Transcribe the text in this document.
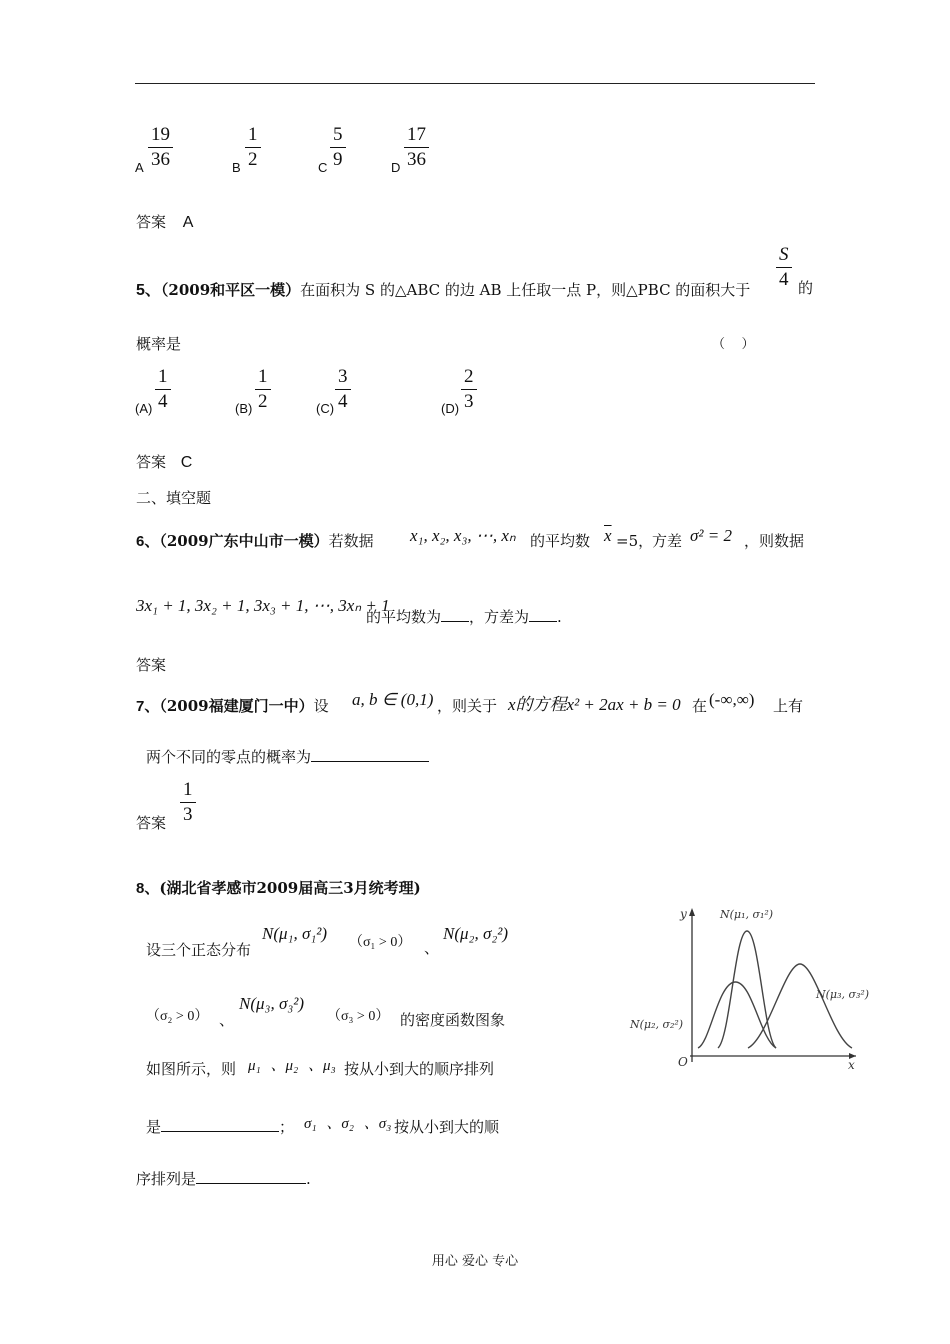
A
19
36	B
1
2	C
5
9	D
17
36
答案 A
5、（2009和平区一模）在面积为 S 的△ABC 的边 AB 上任取一点 P，则△PBC 的面积大于
S
4 的
概率是	（    ）
(A)
1
4	(B)
1
2	(C)
3
4	(D)
2
3
答案 C
二、填空题
6、（2009广东中山市一模）若数据 x₁, x₂, x₃, ⋯, xₙ 的平均数 $\overline{x} =5$，
方差 σ² = 2 ，则数据
3x₁ + 1, 3x₂ + 1, 3x₃ + 1, ⋯, 3xₙ + 1
的平均数为 ，方差为 .
答案
7、（2009福建厦门一中）设 a, b ∈ (0,1) ，则关于 x的方程x² + 2ax + b = 0 在 (-∞,∞) 上有
两个不同的零点的概率为
答案
1
3
8、(湖北省孝感市2009届高三3月统考理)
设三个正态分布
N(μ₁, σ₁²) （σ₁ > 0） 、
N(μ₂, σ₂²)
（σ₂ > 0） 、
N(μ₃, σ₃²)
（σ₃ > 0） 的密度函数图象
如图所示，则 μ₁ 、μ₂ 、μ₃ 按从小到大的顺序排列
是	； σ₁ 、σ₂ 、σ₃ 按从小到大的顺
序排列是	.
y
x
O
N(μ₁, σ₁²)
N(μ₃, σ₃²)
N(μ₂, σ₂²)
用心 爱心 专心
